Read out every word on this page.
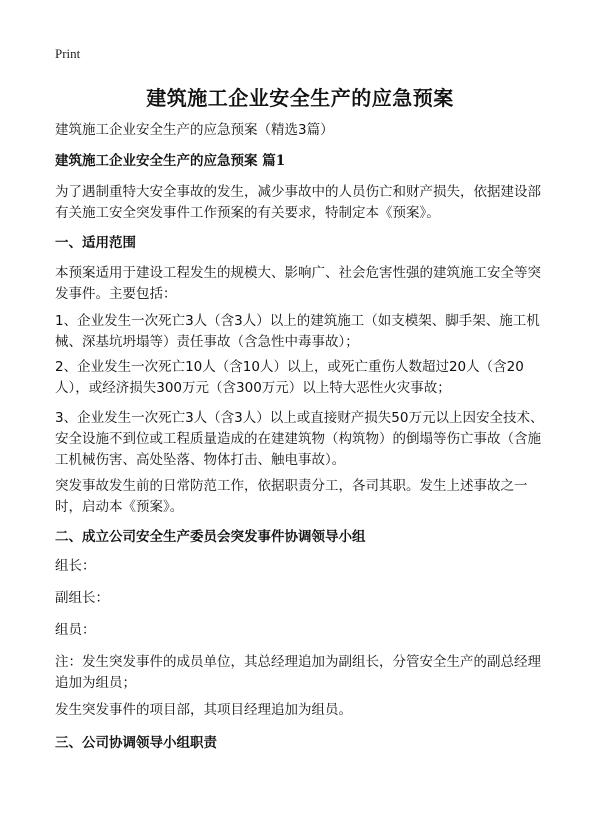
Print
建筑施工企业安全生产的应急预案
建筑施工企业安全生产的应急预案（精选3篇）
建筑施工企业安全生产的应急预案 篇1
为了遇制重特大安全事故的发生，减少事故中的人员伤亡和财产损失，依据建设部有关施工安全突发事件工作预案的有关要求，特制定本《预案》。
一、适用范围
本预案适用于建设工程发生的规模大、影响广、社会危害性强的建筑施工安全等突发事件。主要包括：
1、企业发生一次死亡3人（含3人）以上的建筑施工（如支模架、脚手架、施工机械、深基坑坍塌等）责任事故（含急性中毒事故）；
2、企业发生一次死亡10人（含10人）以上，或死亡重伤人数超过20人（含20人），或经济损失300万元（含300万元）以上特大恶性火灾事故；
3、企业发生一次死亡3人（含3人）以上或直接财产损失50万元以上因安全技术、安全设施不到位或工程质量造成的在建建筑物（构筑物）的倒塌等伤亡事故（含施工机械伤害、高处坠落、物体打击、触电事故）。
突发事故发生前的日常防范工作，依据职责分工，各司其职。发生上述事故之一时，启动本《预案》。
二、成立公司安全生产委员会突发事件协调领导小组
组长：
副组长：
组员：
注：发生突发事件的成员单位，其总经理追加为副组长，分管安全生产的副总经理追加为组员；
发生突发事件的项目部，其项目经理追加为组员。
三、公司协调领导小组职责
